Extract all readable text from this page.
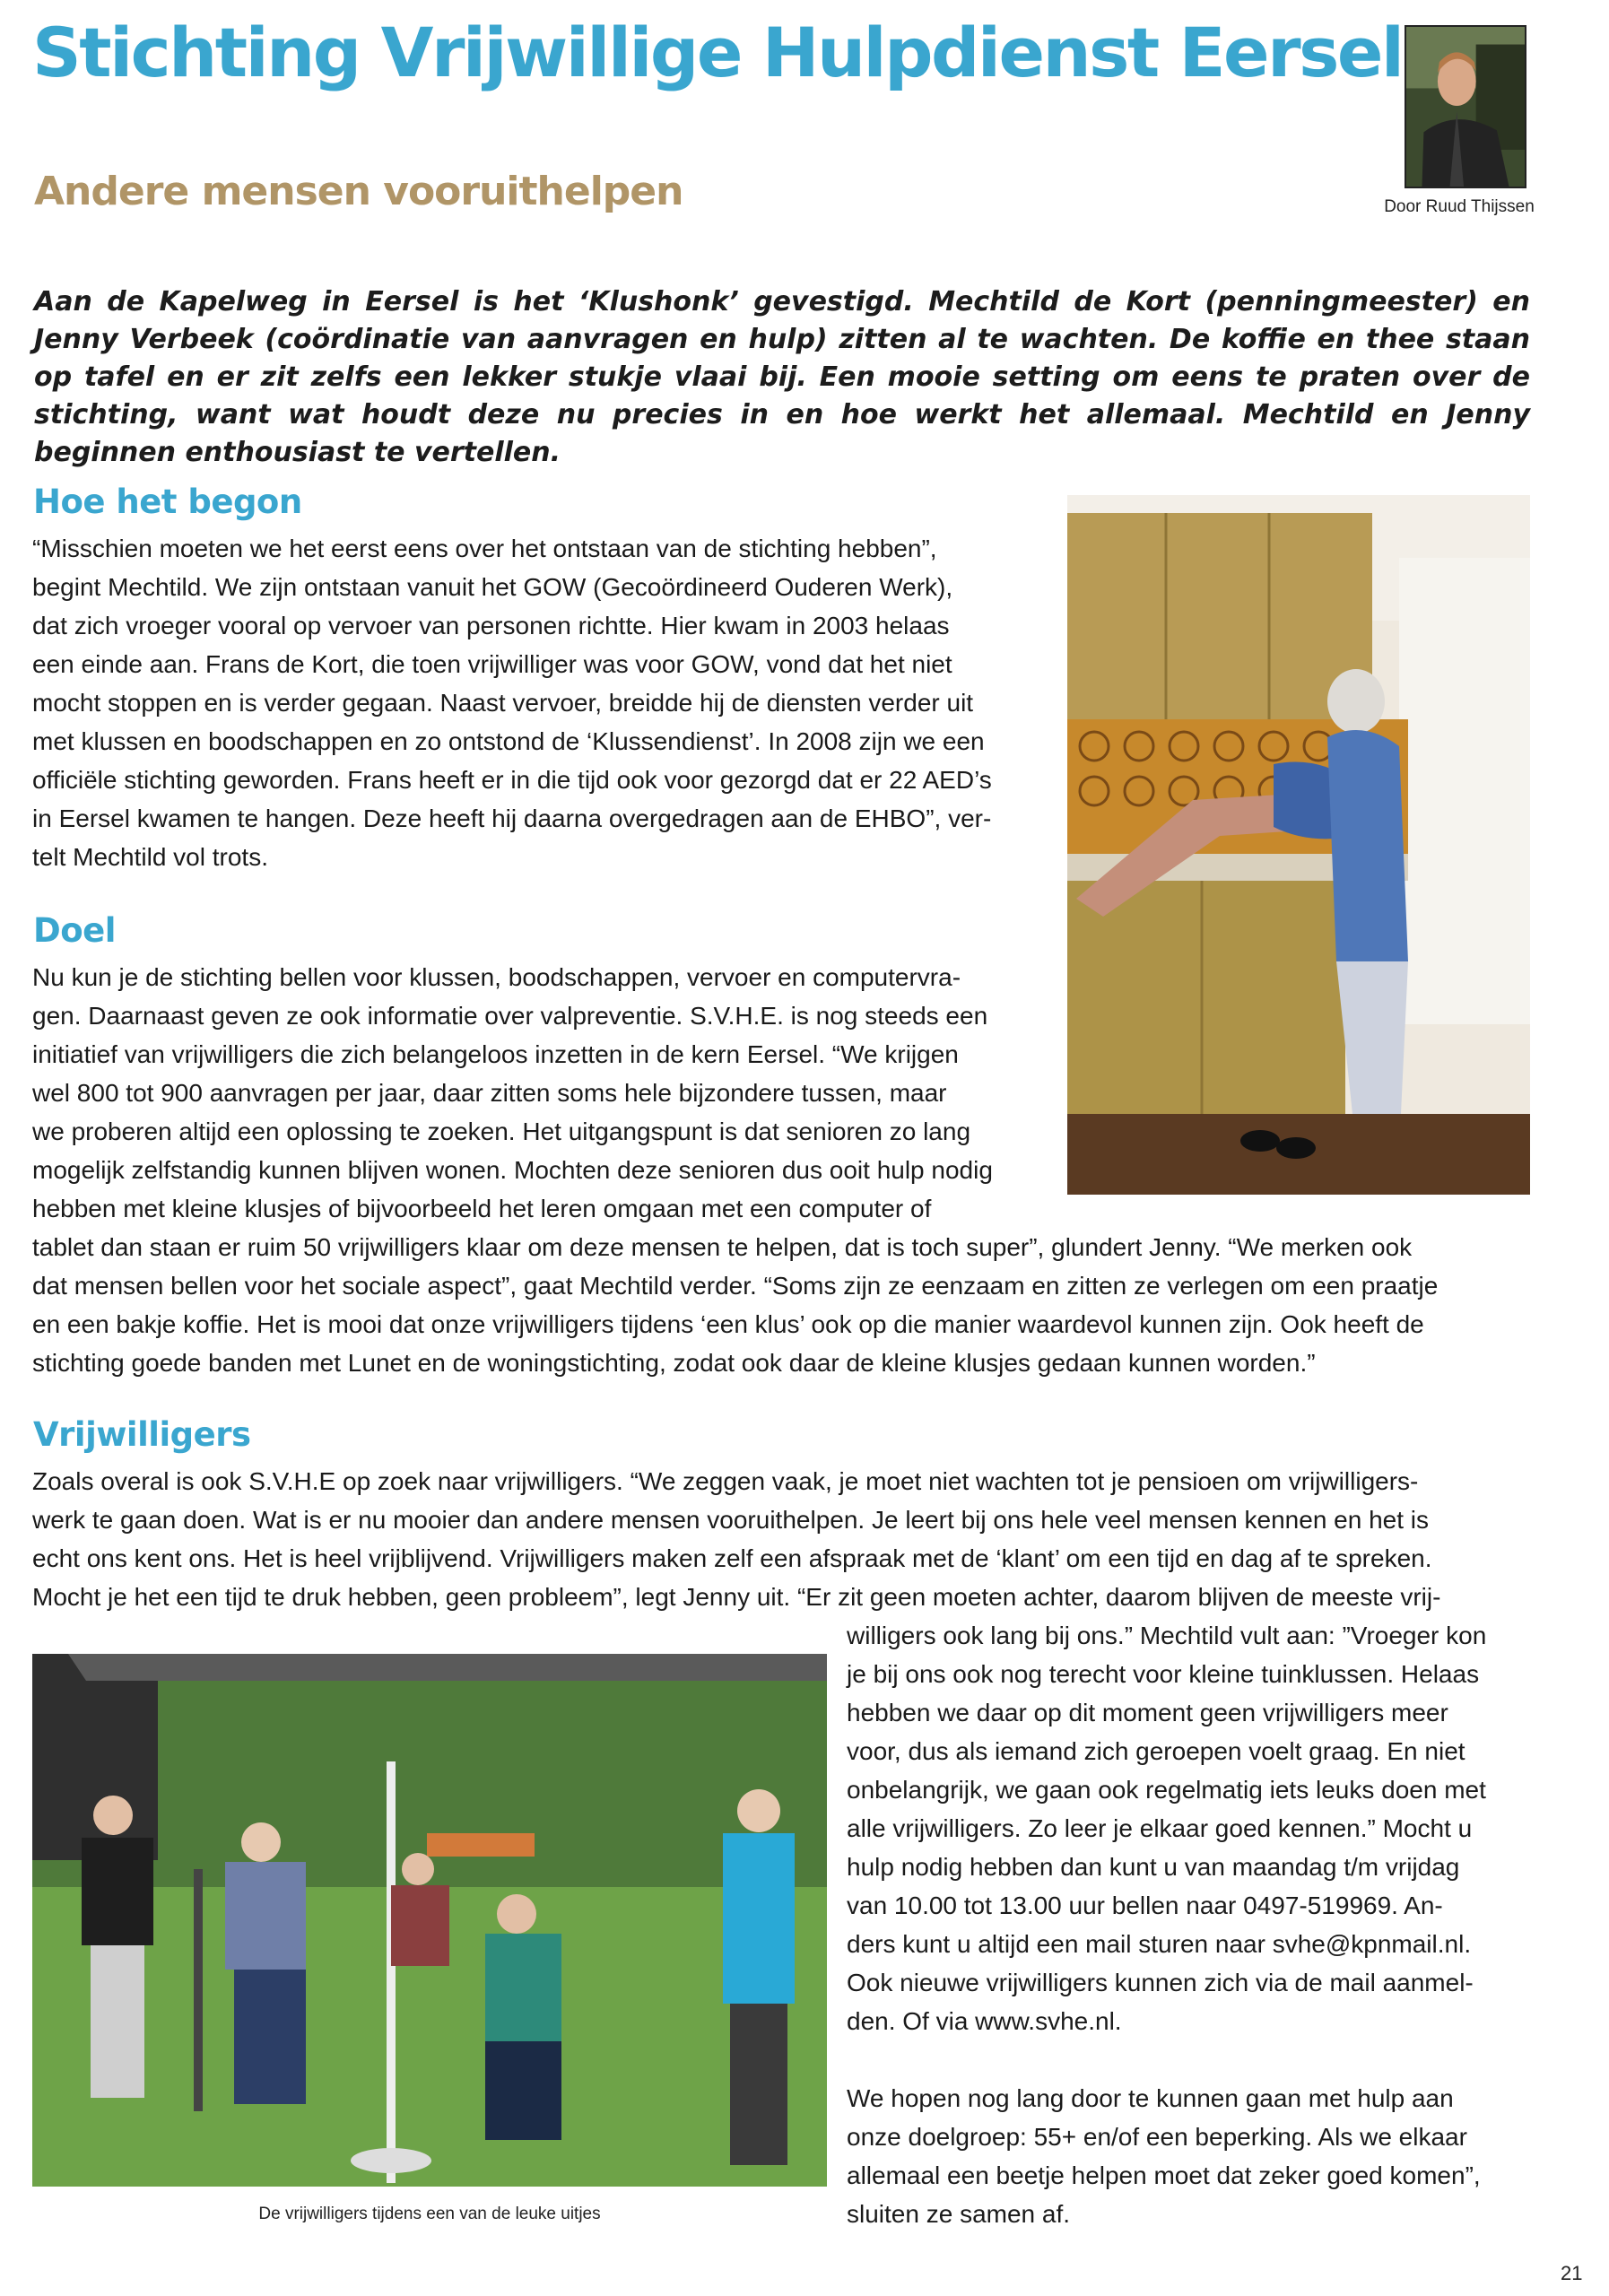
Stichting Vrijwillige Hulpdienst Eersel
Andere mensen vooruithelpen	Door Ruud Thijssen

Aan de Kapelweg in Eersel is het ‘Klushonk’ gevestigd. Mechtild de Kort (penningmeester) en Jenny Verbeek (coördinatie van aanvragen en hulp) zitten al te wachten. De koffie en thee staan op tafel en er zit zelfs een lekker stukje vlaai bij. Een mooie setting om eens te praten over de stichting, want wat houdt deze nu precies in en hoe werkt het allemaal. Mechtild en Jenny beginnen enthousiast te vertellen.

Hoe het begon
“Misschien moeten we het eerst eens over het ontstaan van de stichting hebben”,
begint Mechtild. We zijn ontstaan vanuit het GOW (Gecoördineerd Ouderen Werk),
dat zich vroeger vooral op vervoer van personen richtte. Hier kwam in 2003 helaas
een einde aan. Frans de Kort, die toen vrijwilliger was voor GOW, vond dat het niet
mocht stoppen en is verder gegaan. Naast vervoer, breidde hij de diensten verder uit
met klussen en boodschappen en zo ontstond de ‘Klussendienst’. In 2008 zijn we een
officiële stichting geworden. Frans heeft er in die tijd ook voor gezorgd dat er 22 AED’s
in Eersel kwamen te hangen. Deze heeft hij daarna overgedragen aan de EHBO”, ver-
telt Mechtild vol trots.
Doel
Nu kun je de stichting bellen voor klussen, boodschappen, vervoer en computervra-
gen. Daarnaast geven ze ook informatie over valpreventie. S.V.H.E. is nog steeds een
initiatief van vrijwilligers die zich belangeloos inzetten in de kern Eersel. “We krijgen
wel 800 tot 900 aanvragen per jaar, daar zitten soms hele bijzondere tussen, maar
we proberen altijd een oplossing te zoeken. Het uitgangspunt is dat senioren zo lang
mogelijk zelfstandig kunnen blijven wonen. Mochten deze senioren dus ooit hulp nodig
hebben met kleine klusjes of bijvoorbeeld het leren omgaan met een computer of
tablet dan staan er ruim 50 vrijwilligers klaar om deze mensen te helpen, dat is toch super”, glundert Jenny. “We merken ook
dat mensen bellen voor het sociale aspect”, gaat Mechtild verder. “Soms zijn ze eenzaam en zitten ze verlegen om een praatje
en een bakje koffie. Het is mooi dat onze vrijwilligers tijdens ‘een klus’ ook op die manier waardevol kunnen zijn. Ook heeft de
stichting goede banden met Lunet en de woningstichting, zodat ook daar de kleine klusjes gedaan kunnen worden.”
Vrijwilligers
Zoals overal is ook S.V.H.E op zoek naar vrijwilligers. “We zeggen vaak, je moet niet wachten tot je pensioen om vrijwilligers-
werk te gaan doen. Wat is er nu mooier dan andere mensen vooruithelpen. Je leert bij ons hele veel mensen kennen en het is
echt ons kent ons. Het is heel vrijblijvend. Vrijwilligers maken zelf een afspraak met de ‘klant’ om een tijd en dag af te spreken.
Mocht je het een tijd te druk hebben, geen probleem”, legt Jenny uit. “Er zit geen moeten achter, daarom blijven de meeste vrij-
willigers ook lang bij ons.” Mechtild vult aan: ”Vroeger kon
je bij ons ook nog terecht voor kleine tuinklussen. Helaas
hebben we daar op dit moment geen vrijwilligers meer
voor, dus als iemand zich geroepen voelt graag. En niet
onbelangrijk, we gaan ook regelmatig iets leuks doen met
alle vrijwilligers. Zo leer je elkaar goed kennen.” Mocht u
hulp nodig hebben dan kunt u van maandag t/m vrijdag
van 10.00 tot 13.00 uur bellen naar 0497-519969. An-
ders kunt u altijd een mail sturen naar svhe@kpnmail.nl.
Ook nieuwe vrijwilligers kunnen zich via de mail aanmel-
den. Of via www.svhe.nl.
We hopen nog lang door te kunnen gaan met hulp aan
onze doelgroep: 55+ en/of een beperking. Als we elkaar
allemaal een beetje helpen moet dat zeker goed komen”,
sluiten ze samen af.
De vrijwilligers tijdens een van de leuke uitjes
21
